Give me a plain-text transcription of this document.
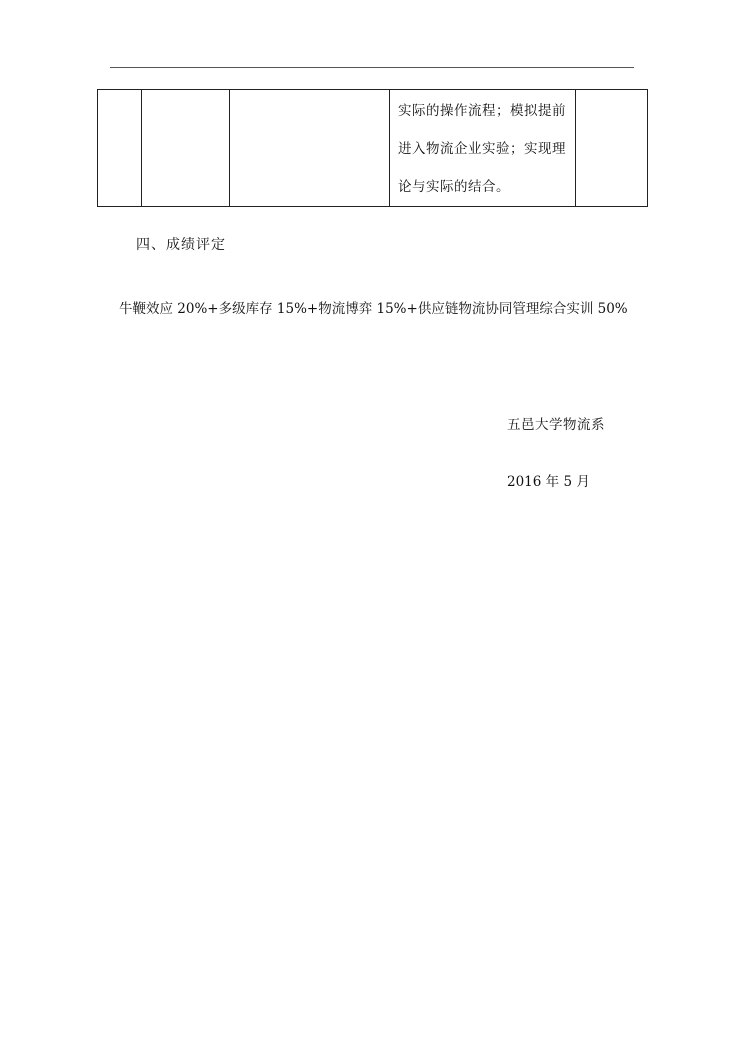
实际的操作流程；模拟提前
进入物流企业实验；实现理
论与实际的结合。

四、成绩评定
牛鞭效应 20%+多级库存 15%+物流博弈 15%+供应链物流协同管理综合实训 50%
五邑大学物流系
2016 年 5 月
